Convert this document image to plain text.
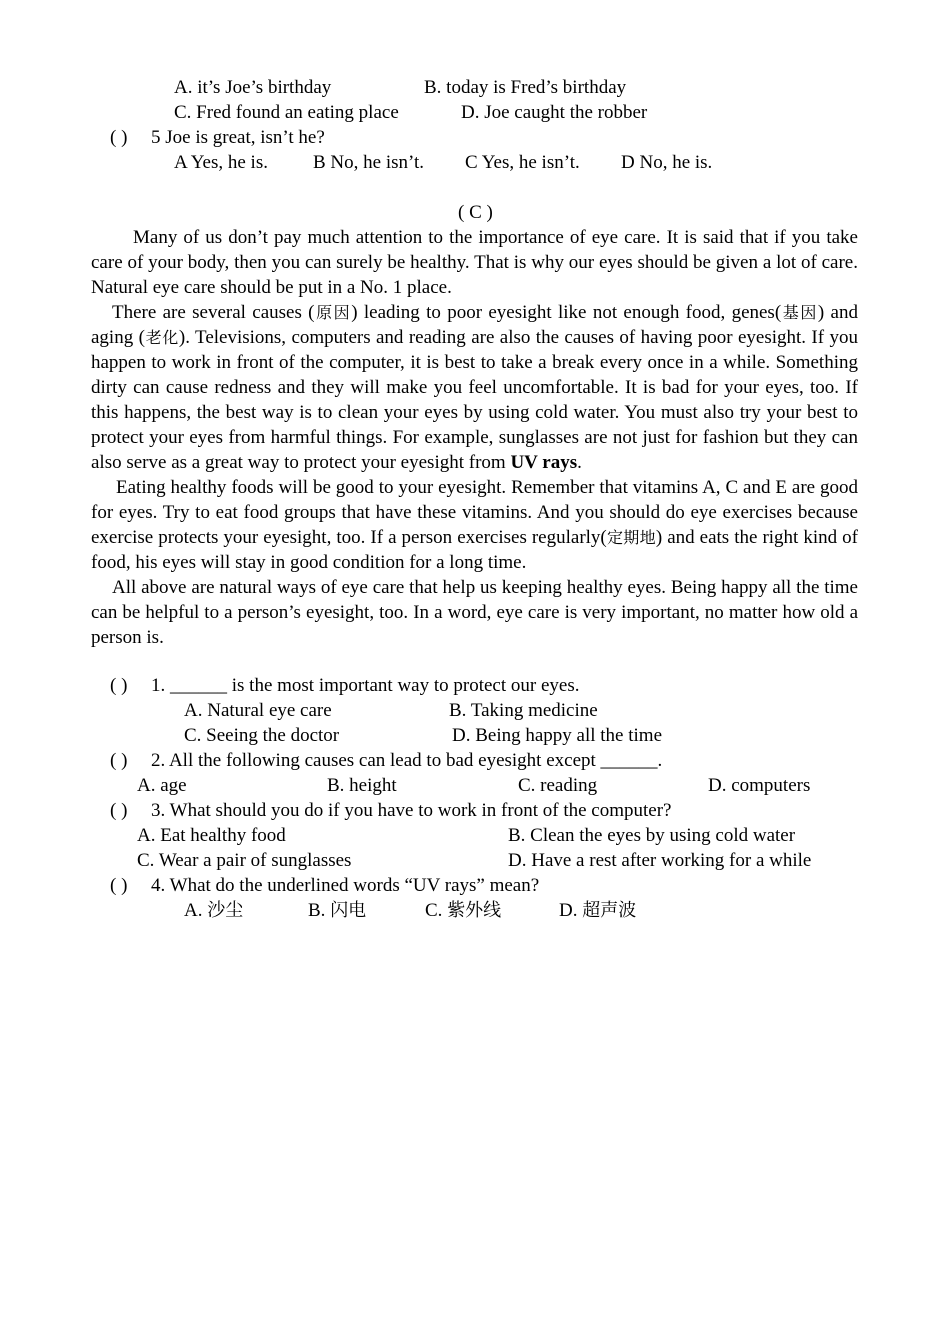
A. it’s Joe’s birthday	B. today is Fred’s birthday
C. Fred found an eating place	D. Joe caught the robber
( ) 5 Joe is great, isn’t he?
A Yes, he is. B No, he isn’t. C Yes, he isn’t. D No, he is.
( C )

Many of us don’t pay much attention to the importance of eye care. It is said that if you take care of your body, then you can surely be healthy. That is why our eyes should be given a lot of care. Natural eye care should be put in a No. 1 place.

There are several causes (原因) leading to poor eyesight like not enough food, genes(基因) and aging (老化). Televisions, computers and reading are also the causes of having poor eyesight. If you happen to work in front of the computer, it is best to take a break every once in a while. Something dirty can cause redness and they will make you feel uncomfortable. It is bad for your eyes, too. If this happens, the best way is to clean your eyes by using cold water. You must also try your best to protect your eyes from harmful things. For example, sunglasses are not just for fashion but they can also serve as a great way to protect your eyesight from UV rays.

Eating healthy foods will be good to your eyesight. Remember that vitamins A, C and E are good for eyes. Try to eat food groups that have these vitamins. And you should do eye exercises because exercise protects your eyesight, too. If a person exercises regularly(定期地) and eats the right kind of food, his eyes will stay in good condition for a long time.

All above are natural ways of eye care that help us keeping healthy eyes. Being happy all the time can be helpful to a person’s eyesight, too. In a word, eye care is very important, no matter how old a person is.

( ) 1. ______ is the most important way to protect our eyes.
A. Natural eye care	B. Taking medicine
C. Seeing the doctor	D. Being happy all the time
( ) 2. All the following causes can lead to bad eyesight except ______.
A. age	B. height	C. reading	D. computers
( ) 3. What should you do if you have to work in front of the computer?
A. Eat healthy food	B. Clean the eyes by using cold water
C. Wear a pair of sunglasses	D. Have a rest after working for a while
( ) 4. What do the underlined words “UV rays” mean?
A. 沙尘	B. 闪电	C. 紫外线	D. 超声波
